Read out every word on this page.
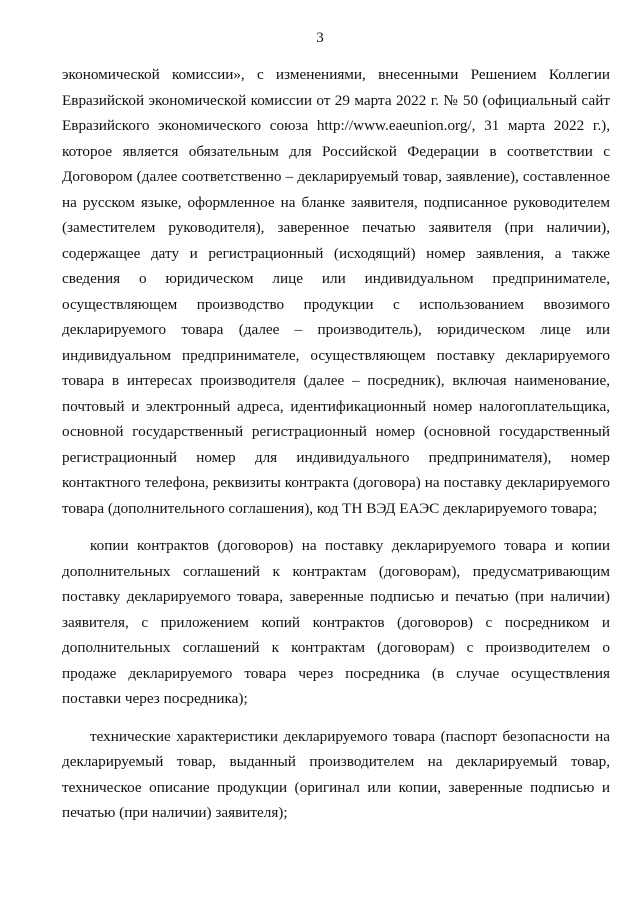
3

экономической комиссии», с изменениями, внесенными Решением Коллегии Евразийской экономической комиссии от 29 марта 2022 г. № 50 (официальный сайт Евразийского экономического союза http://www.eaeunion.org/, 31 марта 2022 г.), которое является обязательным для Российской Федерации в соответствии с Договором (далее соответственно – декларируемый товар, заявление), составленное на русском языке, оформленное на бланке заявителя, подписанное руководителем (заместителем руководителя), заверенное печатью заявителя (при наличии), содержащее дату и регистрационный (исходящий) номер заявления, а также сведения о юридическом лице или индивидуальном предпринимателе, осуществляющем производство продукции с использованием ввозимого декларируемого товара (далее – производитель), юридическом лице или индивидуальном предпринимателе, осуществляющем поставку декларируемого товара в интересах производителя (далее – посредник), включая наименование, почтовый и электронный адреса, идентификационный номер налогоплательщика, основной государственный регистрационный номер (основной государственный регистрационный номер для индивидуального предпринимателя), номер контактного телефона, реквизиты контракта (договора) на поставку декларируемого товара (дополнительного соглашения), код ТН ВЭД ЕАЭС декларируемого товара;

копии контрактов (договоров) на поставку декларируемого товара и копии дополнительных соглашений к контрактам (договорам), предусматривающим поставку декларируемого товара, заверенные подписью и печатью (при наличии) заявителя, с приложением копий контрактов (договоров) с посредником и дополнительных соглашений к контрактам (договорам) с производителем о продаже декларируемого товара через посредника (в случае осуществления поставки через посредника);

технические характеристики декларируемого товара (паспорт безопасности на декларируемый товар, выданный производителем на декларируемый товар, техническое описание продукции (оригинал или копии, заверенные подписью и печатью (при наличии) заявителя);
